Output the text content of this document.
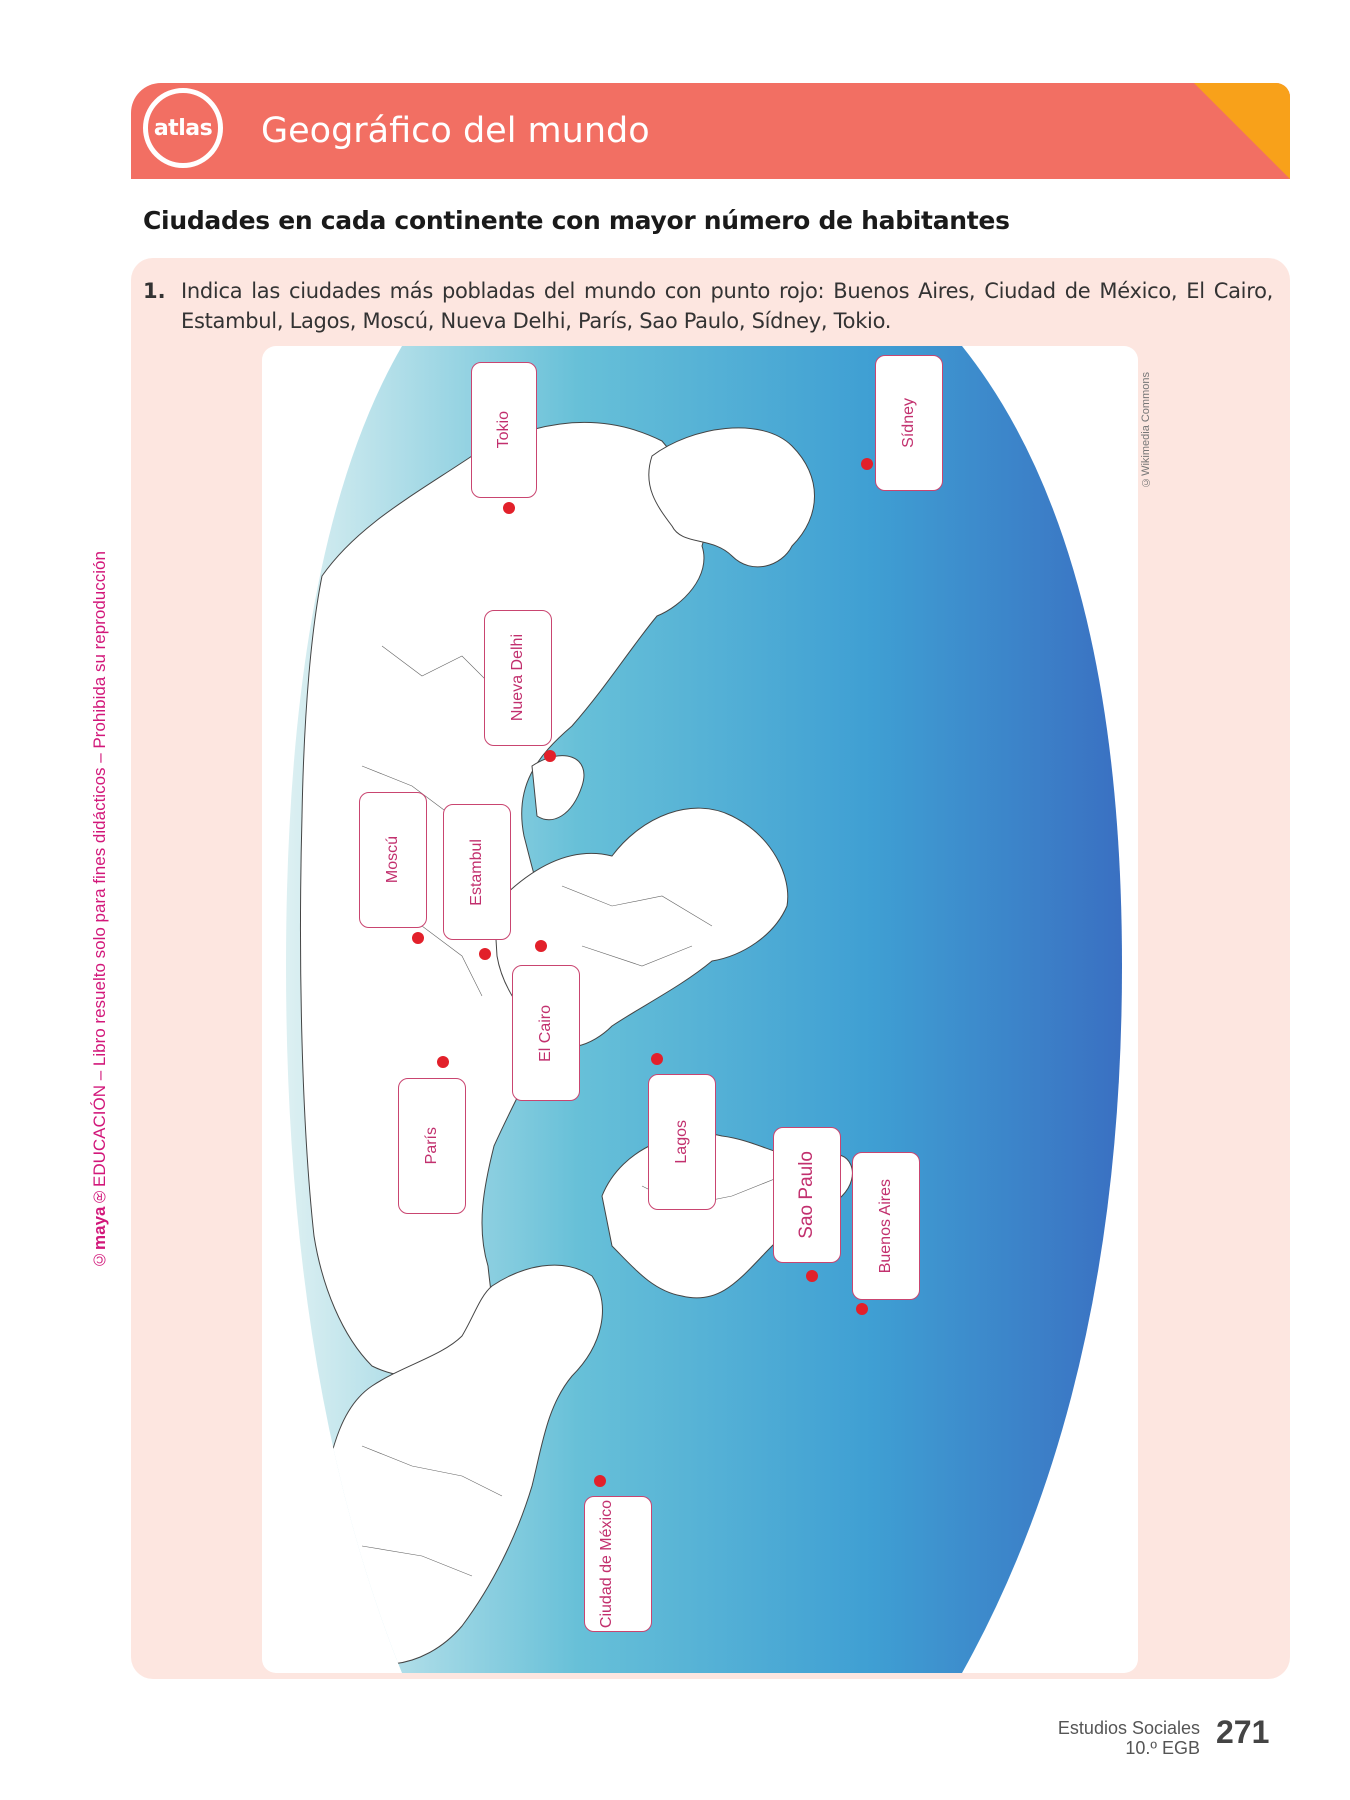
atlas Geográfico del mundo
©
maya
®
EDUCACIÓN – Libro resuelto solo para fines didácticos – Prohibida su reproducción
Ciudades en cada continente con mayor número de habitantes
1. Indica las ciudades más pobladas del mundo con punto rojo: Buenos Aires, Ciudad de México, El Cairo, Estambul, Lagos, Moscú, Nueva Delhi, París, Sao Paulo, Sídney, Tokio.
©Wikimedia Commons
Tokio	Sídney
Nueva Delhi
Moscú	Estambul
El Cairo
París	Lagos
Sao Paulo	Buenos Aires
Ciudad de México
Estudios Sociales
10.º EGB 271
